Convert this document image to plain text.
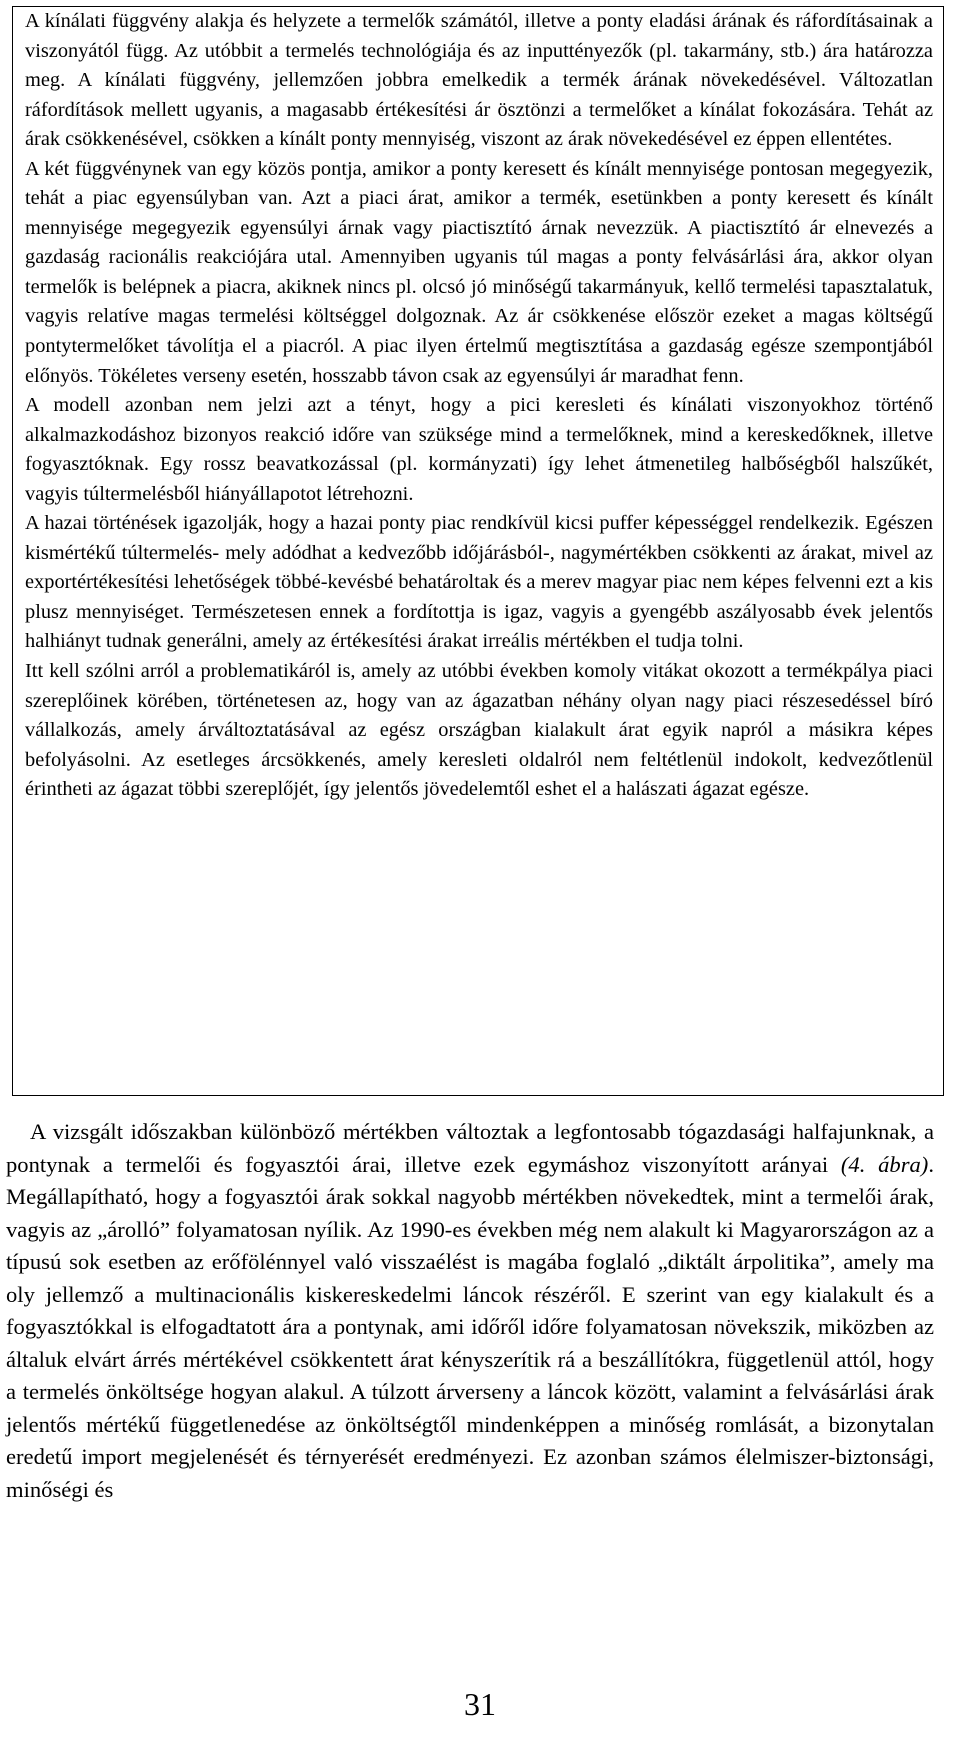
A kínálati függvény alakja és helyzete a termelők számától, illetve a ponty eladási árának és ráfordításainak a viszonyától függ. Az utóbbit a termelés technológiája és az inputtényezők (pl. takarmány, stb.) ára határozza meg. A kínálati függvény, jellemzően jobbra emelkedik a termék árának növekedésével. Változatlan ráfordítások mellett ugyanis, a magasabb értékesítési ár ösztönzi a termelőket a kínálat fokozására. Tehát az árak csökkenésével, csökken a kínált ponty mennyiség, viszont az árak növekedésével ez éppen ellentétes.

A két függvénynek van egy közös pontja, amikor a ponty keresett és kínált mennyisége pontosan megegyezik, tehát a piac egyensúlyban van. Azt a piaci árat, amikor a termék, esetünkben a ponty keresett és kínált mennyisége megegyezik egyensúlyi árnak vagy piactisztító árnak nevezzük. A piactisztító ár elnevezés a gazdaság racionális reakciójára utal. Amennyiben ugyanis túl magas a ponty felvásárlási ára, akkor olyan termelők is belépnek a piacra, akiknek nincs pl. olcsó jó minőségű takarmányuk, kellő termelési tapasztalatuk, vagyis relatíve magas termelési költséggel dolgoznak. Az ár csökkenése először ezeket a magas költségű pontytermelőket távolítja el a piacról. A piac ilyen értelmű megtisztítása a gazdaság egésze szempontjából előnyös. Tökéletes verseny esetén, hosszabb távon csak az egyensúlyi ár maradhat fenn.

A modell azonban nem jelzi azt a tényt, hogy a pici keresleti és kínálati viszonyokhoz történő alkalmazkodáshoz bizonyos reakció időre van szüksége mind a termelőknek, mind a kereskedőknek, illetve fogyasztóknak. Egy rossz beavatkozással (pl. kormányzati) így lehet átmenetileg halbőségből halszűkét, vagyis túltermelésből hiányállapotot létrehozni.

A hazai történések igazolják, hogy a hazai ponty piac rendkívül kicsi puffer képességgel rendelkezik. Egészen kismértékű túltermelés- mely adódhat a kedvezőbb időjárásból-, nagymértékben csökkenti az árakat, mivel az exportértékesítési lehetőségek többé-kevésbé behatároltak és a merev magyar piac nem képes felvenni ezt a kis plusz mennyiséget. Természetesen ennek a fordítottja is igaz, vagyis a gyengébb aszályosabb évek jelentős halhiányt tudnak generálni, amely az értékesítési árakat irreális mértékben el tudja tolni.

Itt kell szólni arról a problematikáról is, amely az utóbbi években komoly vitákat okozott a termékpálya piaci szereplőinek körében, történetesen az, hogy van az ágazatban néhány olyan nagy piaci részesedéssel bíró vállalkozás, amely árváltoztatásával az egész országban kialakult árat egyik napról a másikra képes befolyásolni. Az esetleges árcsökkenés, amely keresleti oldalról nem feltétlenül indokolt, kedvezőtlenül érintheti az ágazat többi szereplőjét, így jelentős jövedelemtől eshet el a halászati ágazat egésze.

A vizsgált időszakban különböző mértékben változtak a legfontosabb tógazdasági halfajunknak, a pontynak a termelői és fogyasztói árai, illetve ezek egymáshoz viszonyított arányai (4. ábra). Megállapítható, hogy a fogyasztói árak sokkal nagyobb mértékben növekedtek, mint a termelői árak, vagyis az „árolló” folyamatosan nyílik. Az 1990-es években még nem alakult ki Magyarországon az a típusú sok esetben az erőfölénnyel való visszaélést is magába foglaló „diktált árpolitika”, amely ma oly jellemző a multinacionális kiskereskedelmi láncok részéről. E szerint van egy kialakult és a fogyasztókkal is elfogadtatott ára a pontynak, ami időről időre folyamatosan növekszik, miközben az általuk elvárt árrés mértékével csökkentett árat kényszerítik rá a beszállítókra, függetlenül attól, hogy a termelés önköltsége hogyan alakul. A túlzott árverseny a láncok között, valamint a felvásárlási árak jelentős mértékű függetlenedése az önköltségtől mindenképpen a minőség romlását, a bizonytalan eredetű import megjelenését és térnyerését eredményezi. Ez azonban számos élelmiszer-biztonsági, minőségi és

31
